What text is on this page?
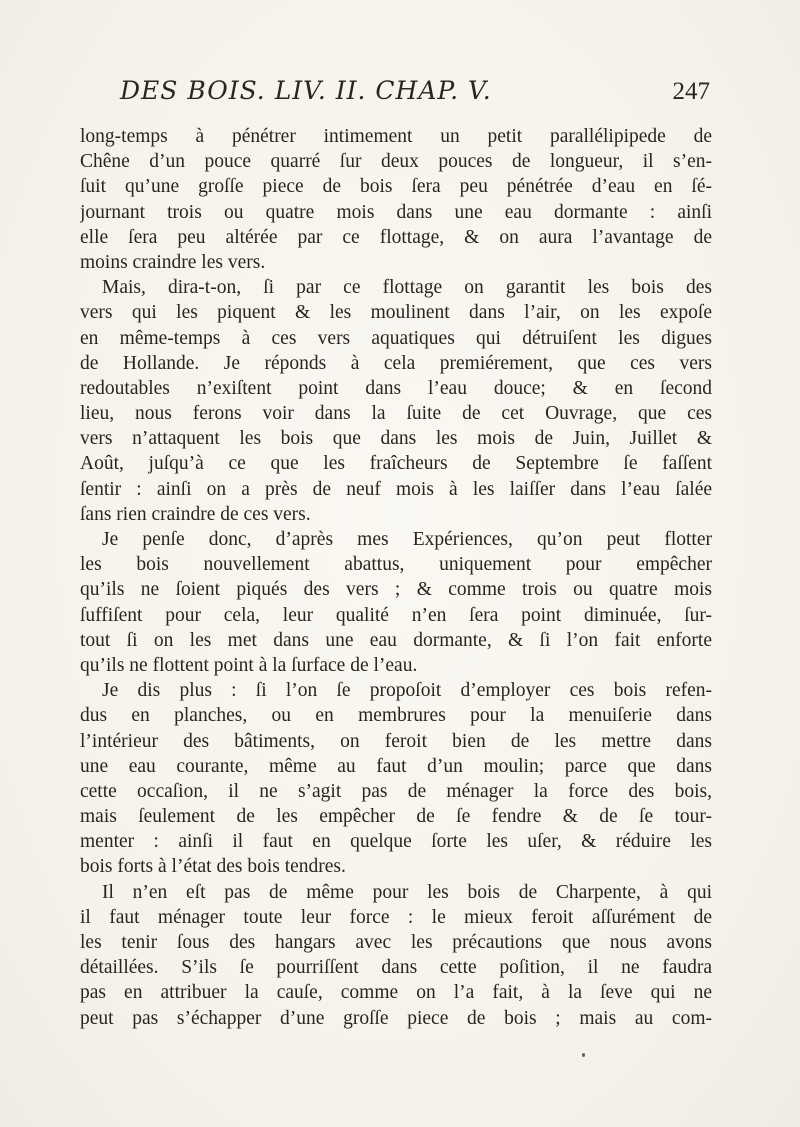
DES BOIS. LIV. II. CHAP. V.	247
long-temps à pénétrer intimement un petit parallélipipede de
Chêne d’un pouce quarré ſur deux pouces de longueur, il s’en-
ſuit qu’une groſſe piece de bois ſera peu pénétrée d’eau en ſé-
journant trois ou quatre mois dans une eau dormante : ainſi
elle ſera peu altérée par ce flottage, & on aura l’avantage de
moins craindre les vers.
Mais, dira-t-on, ſi par ce flottage on garantit les bois des
vers qui les piquent & les moulinent dans l’air, on les expoſe
en même-temps à ces vers aquatiques qui détruiſent les digues
de Hollande. Je réponds à cela premiérement, que ces vers
redoutables n’exiſtent point dans l’eau douce; & en ſecond
lieu, nous ferons voir dans la ſuite de cet Ouvrage, que ces
vers n’attaquent les bois que dans les mois de Juin, Juillet &
Août, juſqu’à ce que les fraîcheurs de Septembre ſe faſſent
ſentir : ainſi on a près de neuf mois à les laiſſer dans l’eau ſalée
ſans rien craindre de ces vers.
Je penſe donc, d’après mes Expériences, qu’on peut flotter
les bois nouvellement abattus, uniquement pour empêcher
qu’ils ne ſoient piqués des vers ; & comme trois ou quatre mois
ſuffiſent pour cela, leur qualité n’en ſera point diminuée, ſur-
tout ſi on les met dans une eau dormante, & ſi l’on fait enforte
qu’ils ne flottent point à la ſurface de l’eau.
Je dis plus : ſi l’on ſe propoſoit d’employer ces bois refen-
dus en planches, ou en membrures pour la menuiſerie dans
l’intérieur des bâtiments, on feroit bien de les mettre dans
une eau courante, même au faut d’un moulin; parce que dans
cette occaſion, il ne s’agit pas de ménager la force des bois,
mais ſeulement de les empêcher de ſe fendre & de ſe tour-
menter : ainſi il faut en quelque ſorte les uſer, & réduire les
bois forts à l’état des bois tendres.
Il n’en eſt pas de même pour les bois de Charpente, à qui
il faut ménager toute leur force : le mieux feroit aſſurément de
les tenir ſous des hangars avec les précautions que nous avons
détaillées. S’ils ſe pourriſſent dans cette poſition, il ne faudra
pas en attribuer la cauſe, comme on l’a fait, à la ſeve qui ne
peut pas s’échapper d’une groſſe piece de bois ; mais au com-
